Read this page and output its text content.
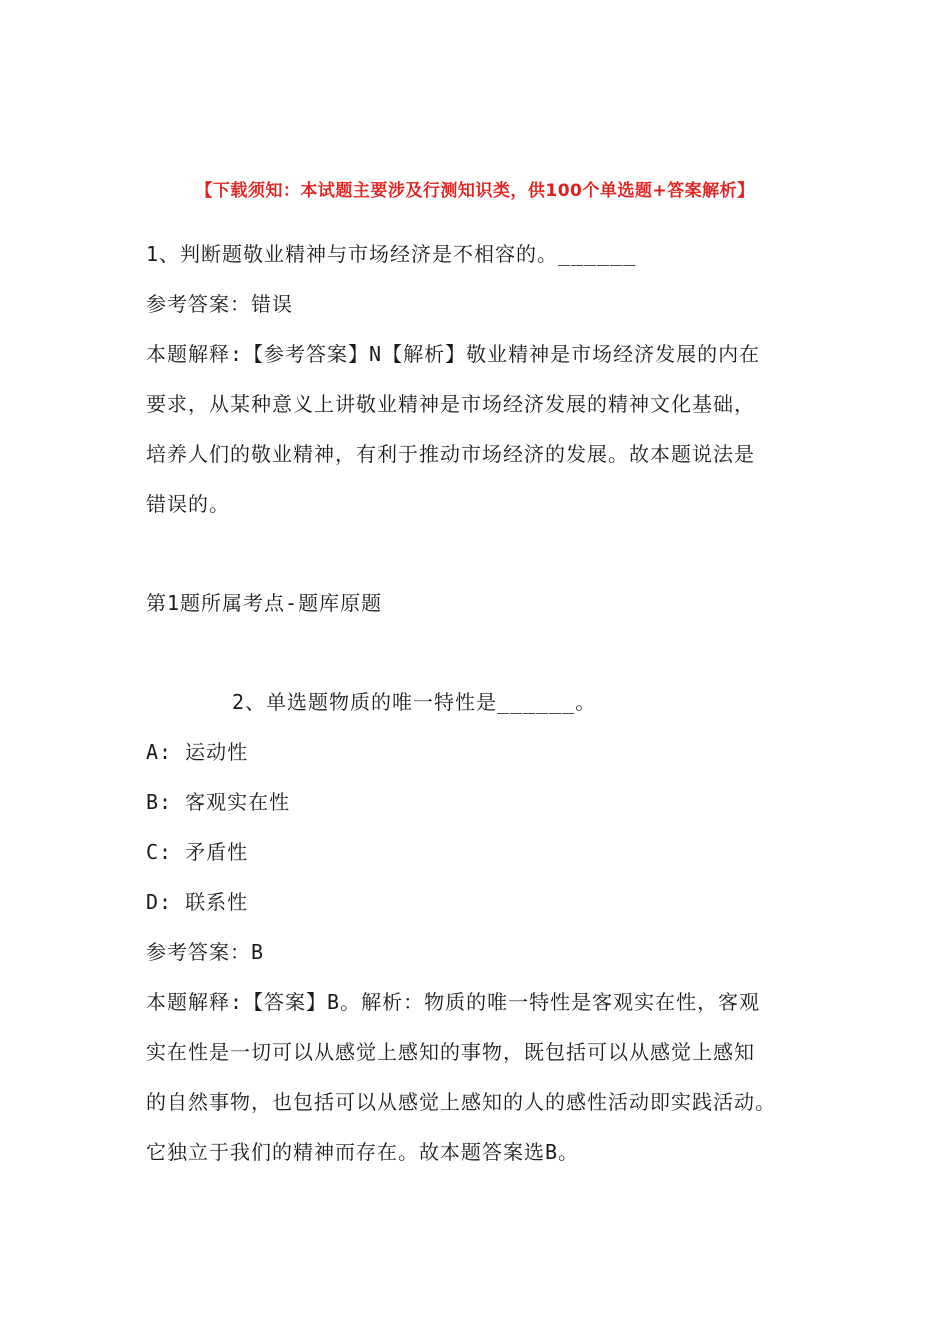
【下载须知：本试题主要涉及行测知识类，供100个单选题+答案解析】
1、判断题敬业精神与市场经济是不相容的。______
参考答案：错误
本题解释:【参考答案】N【解析】敬业精神是市场经济发展的内在
要求，从某种意义上讲敬业精神是市场经济发展的精神文化基础，
培养人们的敬业精神，有利于推动市场经济的发展。故本题说法是
错误的。
第1题所属考点-题库原题
2、单选题物质的唯一特性是______。
A: 运动性
B: 客观实在性
C: 矛盾性
D: 联系性
参考答案：B
本题解释:【答案】B。解析：物质的唯一特性是客观实在性，客观
实在性是一切可以从感觉上感知的事物，既包括可以从感觉上感知
的自然事物，也包括可以从感觉上感知的人的感性活动即实践活动。
它独立于我们的精神而存在。故本题答案选B。
